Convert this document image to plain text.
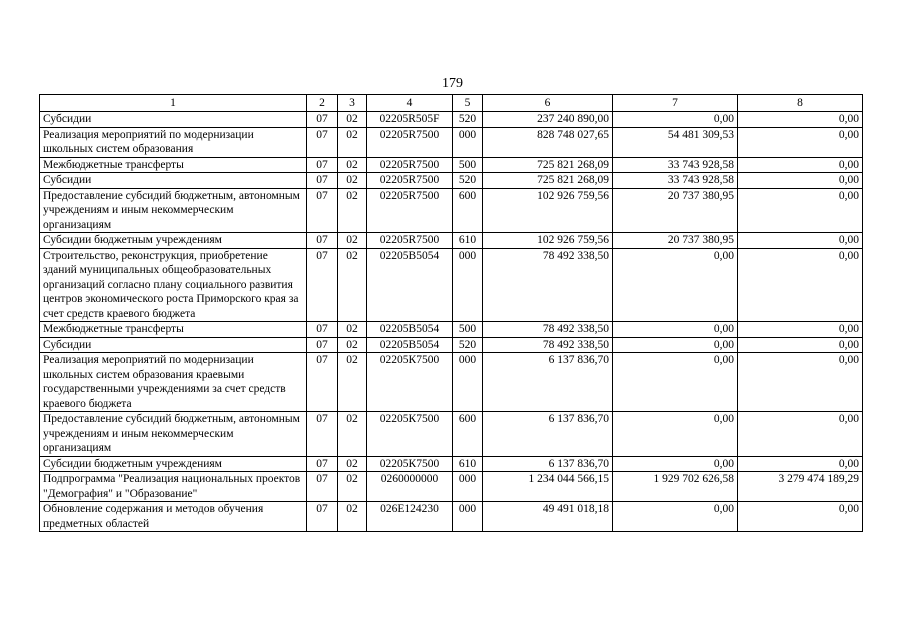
179
1	2	3	4	5	6	7	8
Субсидии	07	02	02205R505F	520	237 240 890,00	0,00	0,00
Реализация мероприятий по модернизации школьных систем образования	07	02	02205R7500	000	828 748 027,65	54 481 309,53	0,00
Межбюджетные трансферты	07	02	02205R7500	500	725 821 268,09	33 743 928,58	0,00
Субсидии	07	02	02205R7500	520	725 821 268,09	33 743 928,58	0,00
Предоставление субсидий бюджетным, автономным учреждениям и иным некоммерческим организациям	07	02	02205R7500	600	102 926 759,56	20 737 380,95	0,00
Субсидии бюджетным учреждениям	07	02	02205R7500	610	102 926 759,56	20 737 380,95	0,00
Строительство, реконструкция, приобретение зданий муниципальных общеобразовательных организаций согласно плану социального развития центров экономического роста Приморского края за счет средств краевого бюджета	07	02	02205В5054	000	78 492 338,50	0,00	0,00
Межбюджетные трансферты	07	02	02205В5054	500	78 492 338,50	0,00	0,00
Субсидии	07	02	02205В5054	520	78 492 338,50	0,00	0,00
Реализация мероприятий по модернизации школьных систем образования краевыми государственными учреждениями за счет средств краевого бюджета	07	02	02205К7500	000	6 137 836,70	0,00	0,00
Предоставление субсидий бюджетным, автономным учреждениям и иным некоммерческим организациям	07	02	02205К7500	600	6 137 836,70	0,00	0,00
Субсидии бюджетным учреждениям	07	02	02205К7500	610	6 137 836,70	0,00	0,00
Подпрограмма "Реализация национальных проектов "Демография" и "Образование"	07	02	0260000000	000	1 234 044 566,15	1 929 702 626,58	3 279 474 189,29
Обновление содержания и методов обучения предметных областей	07	02	026Е124230	000	49 491 018,18	0,00	0,00
